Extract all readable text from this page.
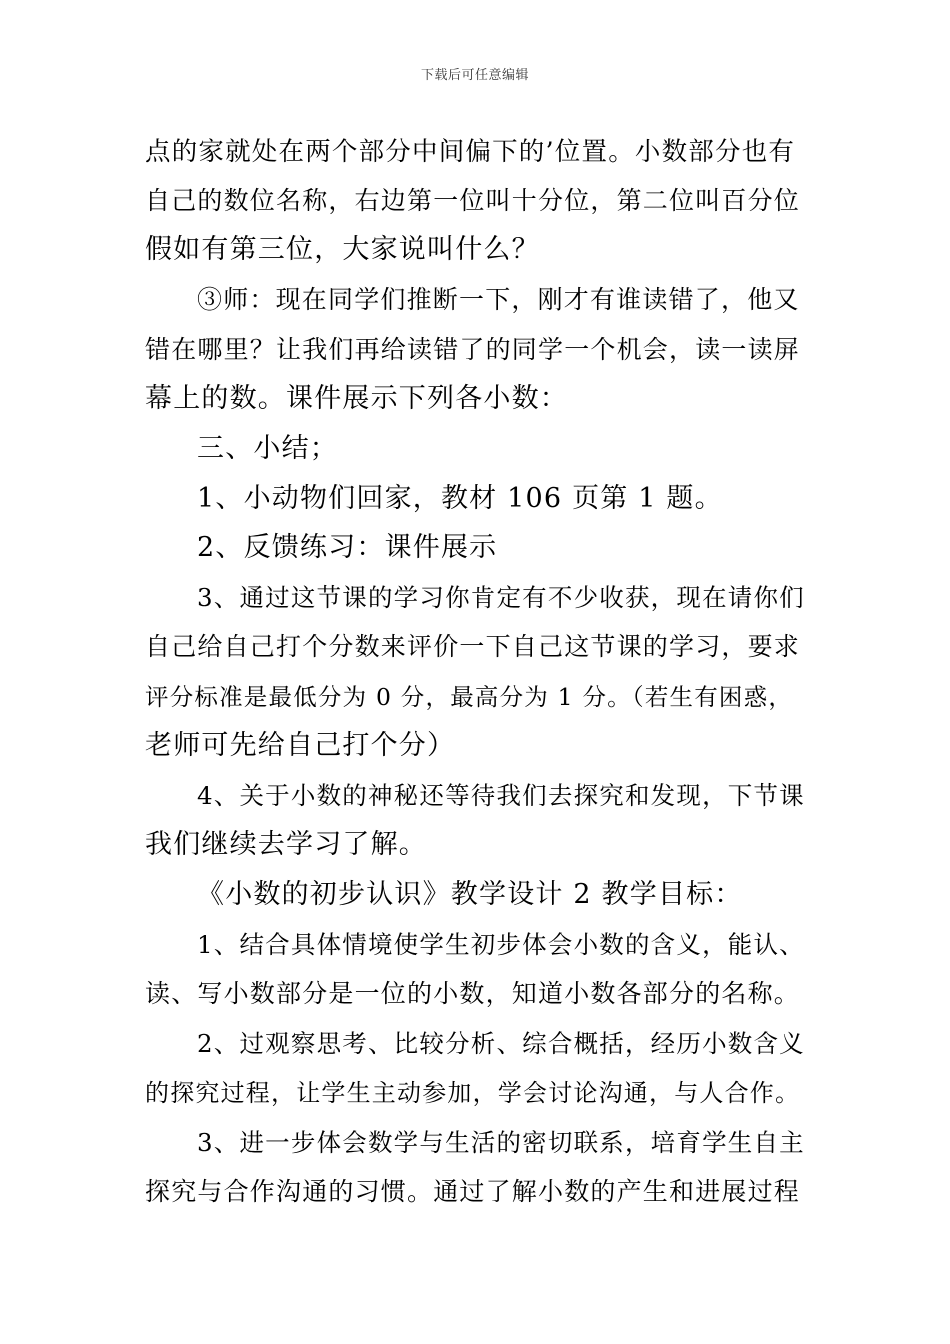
下载后可任意编辑
点的家就处在两个部分中间偏下的’位置。小数部分也有
自己的数位名称，右边第一位叫十分位，第二位叫百分位
假如有第三位，大家说叫什么？
③师：现在同学们推断一下，刚才有谁读错了，他又
错在哪里？让我们再给读错了的同学一个机会，读一读屏
幕上的数。课件展示下列各小数：
三、小结；
1、小动物们回家，教材 106 页第 1 题。
2、反馈练习：课件展示
3、通过这节课的学习你肯定有不少收获，现在请你们
自己给自己打个分数来评价一下自己这节课的学习，要求
评分标准是最低分为 0 分，最高分为 1 分。（若生有困惑，
老师可先给自己打个分）
4、关于小数的神秘还等待我们去探究和发现，下节课
我们继续去学习了解。
《小数的初步认识》教学设计 2 教学目标：
1、结合具体情境使学生初步体会小数的含义，能认、
读、写小数部分是一位的小数，知道小数各部分的名称。
2、过观察思考、比较分析、综合概括，经历小数含义
的探究过程，让学生主动参加，学会讨论沟通，与人合作。
3、进一步体会数学与生活的密切联系，培育学生自主
探究与合作沟通的习惯。通过了解小数的产生和进展过程
